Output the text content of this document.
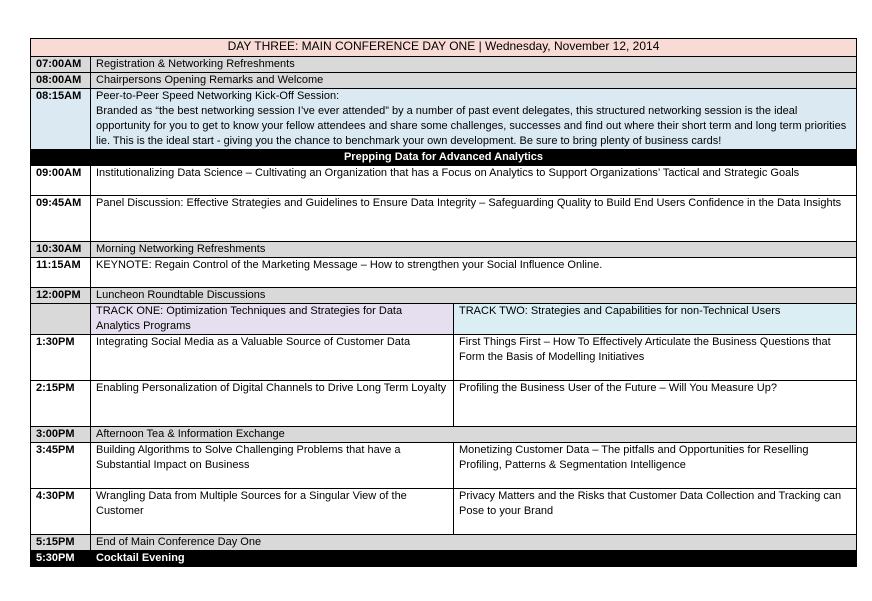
DAY THREE: MAIN CONFERENCE DAY ONE | Wednesday, November 12, 2014		
07:00AM	Registration & Networking Refreshments	
08:00AM	Chairpersons Opening Remarks and Welcome	
08:15AM	Peer-to-Peer Speed Networking Kick-Off Session:
Branded as “the best networking session I’ve ever attended” by a number of past event delegates, this structured networking session is the ideal opportunity for you to get to know your fellow attendees and share some challenges, successes and find out where their short term and long term priorities lie. This is the ideal start - giving you the chance to benchmark your own development. Be sure to bring plenty of business cards!	

Prepping Data for Advanced Analytics		
09:00AM	Institutionalizing Data Science – Cultivating an Organization that has a Focus on Analytics to Support Organizations’ Tactical and Strategic Goals	
09:45AM	Panel Discussion: Effective Strategies and Guidelines to Ensure Data Integrity – Safeguarding Quality to Build End Users Confidence in the Data Insights	
10:30AM	Morning Networking Refreshments	
11:15AM	KEYNOTE: Regain Control of the Marketing Message – How to strengthen your Social Influence Online.	
12:00PM	Luncheon Roundtable Discussions	
	TRACK ONE: Optimization Techniques and Strategies for Data Analytics Programs	TRACK TWO: Strategies and Capabilities for non-Technical Users
1:30PM	Integrating Social Media as a Valuable Source of Customer Data	First Things First – How To Effectively Articulate the Business Questions that Form the Basis of Modelling Initiatives
2:15PM	Enabling Personalization of Digital Channels to Drive Long Term Loyalty	Profiling the Business User of the Future – Will You Measure Up?
3:00PM	Afternoon Tea & Information Exchange	
3:45PM	Building Algorithms to Solve Challenging Problems that have a Substantial Impact on Business	Monetizing Customer Data – The pitfalls and Opportunities for Reselling Profiling, Patterns & Segmentation Intelligence
4:30PM	Wrangling Data from Multiple Sources for a Singular View of the Customer	Privacy Matters and the Risks that Customer Data Collection and Tracking can Pose to your Brand
5:15PM	End of Main Conference Day One	
5:30PM	Cocktail Evening	
